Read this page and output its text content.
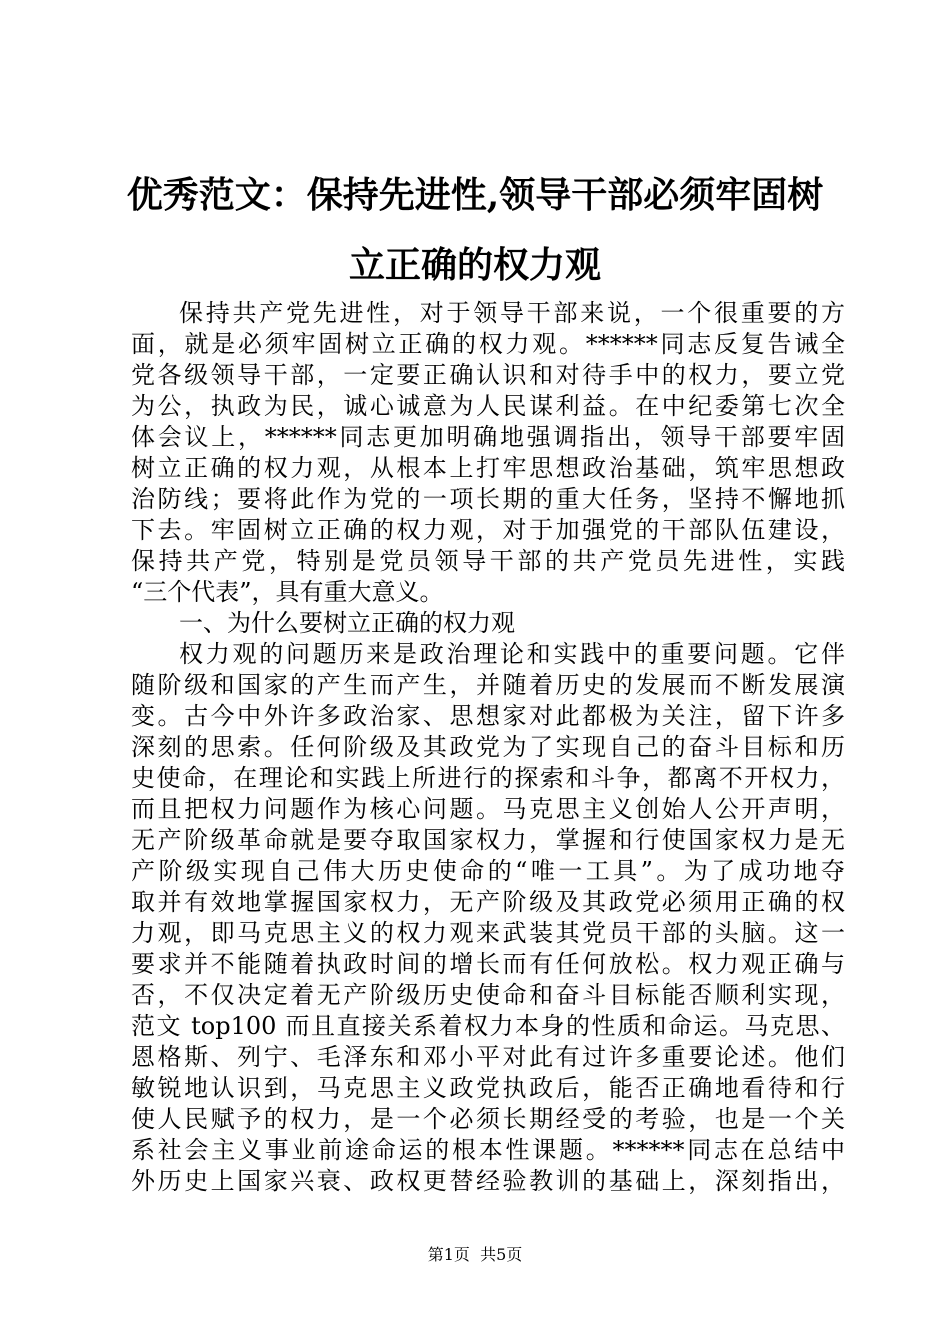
优秀范文：保持先进性,领导干部必须牢固树
立正确的权力观
保持共产党先进性，对于领导干部来说，一个很重要的方
面，就是必须牢固树立正确的权力观。******同志反复告诫全
党各级领导干部，一定要正确认识和对待手中的权力，要立党
为公，执政为民，诚心诚意为人民谋利益。在中纪委第七次全
体会议上，******同志更加明确地强调指出，领导干部要牢固
树立正确的权力观，从根本上打牢思想政治基础，筑牢思想政
治防线；要将此作为党的一项长期的重大任务，坚持不懈地抓
下去。牢固树立正确的权力观，对于加强党的干部队伍建设，
保持共产党，特别是党员领导干部的共产党员先进性，实践
“三个代表”，具有重大意义。
一、为什么要树立正确的权力观
权力观的问题历来是政治理论和实践中的重要问题。它伴
随阶级和国家的产生而产生，并随着历史的发展而不断发展演
变。古今中外许多政治家、思想家对此都极为关注，留下许多
深刻的思索。任何阶级及其政党为了实现自己的奋斗目标和历
史使命，在理论和实践上所进行的探索和斗争，都离不开权力，
而且把权力问题作为核心问题。马克思主义创始人公开声明，
无产阶级革命就是要夺取国家权力，掌握和行使国家权力是无
产阶级实现自己伟大历史使命的“唯一工具”。为了成功地夺
取并有效地掌握国家权力，无产阶级及其政党必须用正确的权
力观，即马克思主义的权力观来武装其党员干部的头脑。这一
要求并不能随着执政时间的增长而有任何放松。权力观正确与
否，不仅决定着无产阶级历史使命和奋斗目标能否顺利实现，
范文 top100 而且直接关系着权力本身的性质和命运。马克思、
恩格斯、列宁、毛泽东和邓小平对此有过许多重要论述。他们
敏锐地认识到，马克思主义政党执政后，能否正确地看待和行
使人民赋予的权力，是一个必须长期经受的考验，也是一个关
系社会主义事业前途命运的根本性课题。******同志在总结中
外历史上国家兴衰、政权更替经验教训的基础上，深刻指出，
第1页  共5页
